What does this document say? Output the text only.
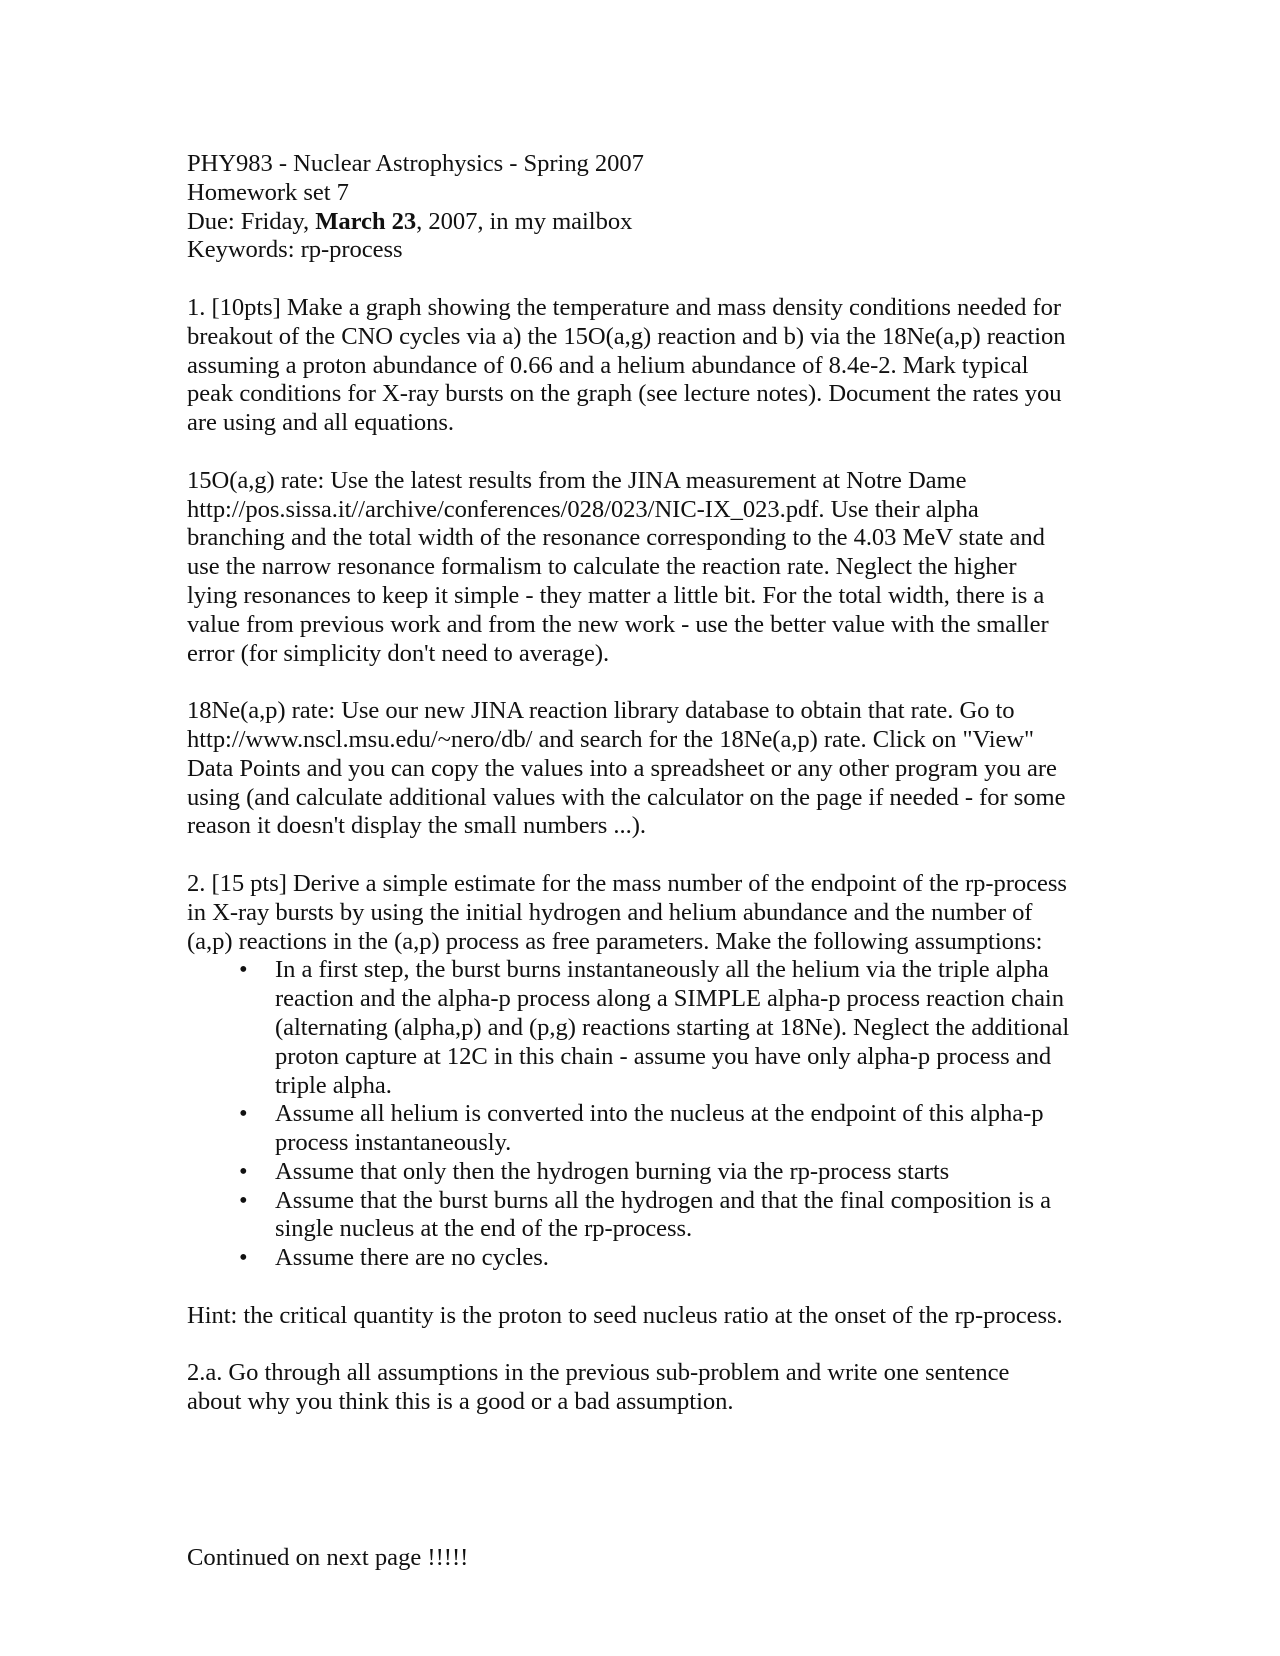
PHY983 - Nuclear Astrophysics - Spring 2007
Homework set 7
Due: Friday, March 23, 2007, in my mailbox
Keywords: rp-process

1. [10pts] Make a graph showing the temperature and mass density conditions needed for
breakout of the CNO cycles via a) the 15O(a,g) reaction and b) via the 18Ne(a,p) reaction
assuming a proton abundance of 0.66 and a helium abundance of 8.4e-2. Mark typical
peak conditions for X-ray bursts on the graph (see lecture notes). Document the rates you
are using and all equations.

15O(a,g) rate: Use the latest results from the JINA measurement at Notre Dame
http://pos.sissa.it//archive/conferences/028/023/NIC-IX_023.pdf. Use their alpha
branching and the total width of the resonance corresponding to the 4.03 MeV state and
use the narrow resonance formalism to calculate the reaction rate. Neglect the higher
lying resonances to keep it simple - they matter a little bit. For the total width, there is a
value from previous work and from the new work - use the better value with the smaller
error (for simplicity don't need to average).

18Ne(a,p) rate: Use our new JINA reaction library database to obtain that rate. Go to
http://www.nscl.msu.edu/~nero/db/ and search for the 18Ne(a,p) rate. Click on "View"
Data Points and you can copy the values into a spreadsheet or any other program you are
using (and calculate additional values with the calculator on the page if needed - for some
reason it doesn't display the small numbers ...).

2. [15 pts] Derive a simple estimate for the mass number of the endpoint of the rp-process
in X-ray bursts by using the initial hydrogen and helium abundance and the number of
(a,p) reactions in the (a,p) process as free parameters. Make the following assumptions:

• In a first step, the burst burns instantaneously all the helium via the triple alpha
reaction and the alpha-p process along a SIMPLE alpha-p process reaction chain
(alternating (alpha,p) and (p,g) reactions starting at 18Ne). Neglect the additional
proton capture at 12C in this chain - assume you have only alpha-p process and
triple alpha.
• Assume all helium is converted into the nucleus at the endpoint of this alpha-p
process instantaneously.
• Assume that only then the hydrogen burning via the rp-process starts
• Assume that the burst burns all the hydrogen and that the final composition is a
single nucleus at the end of the rp-process.
• Assume there are no cycles.

Hint: the critical quantity is the proton to seed nucleus ratio at the onset of the rp-process.

2.a. Go through all assumptions in the previous sub-problem and write one sentence
about why you think this is a good or a bad assumption.

Continued on next page !!!!!
